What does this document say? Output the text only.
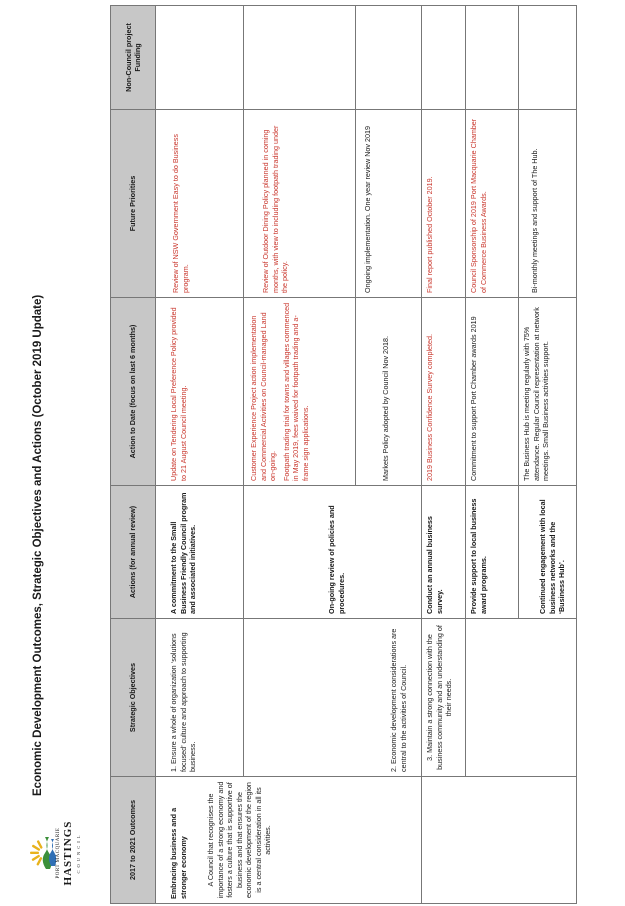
PORT MACQUARIE HASTINGS COUNCIL
Economic Development Outcomes, Strategic Objectives and Actions (October 2019 Update)
2017 to 2021 Outcomes	Strategic Objectives	Actions (for annual review)	Action to Date (focus on last 6 months)	Future Priorities	Non-Council project Funding

Embracing business and a stronger economy A Council that recognises the importance of a strong economy and fosters a culture that is supportive of business and that ensures the economic development of the region is a central consideration in all its activities.	1. Ensure a whole of organization ‘solutions focused’ culture and approach to supporting business.	A commitment to the Small Business Friendly Council program and associated initiatives.	Update on Tendering Local Preference Policy provided to 21 August Council meeting.	Review of NSW Government Easy to do Business program.	

	2. Economic development considerations are central to the activities of Council.	On-going review of policies and procedures.	Customer Experience Project action implementation and Commercial Activities on Council-managed Land on-going. Footpath trading trial for towns and villages commenced in May 2019, fees waived for footpath trading and a-frame sign applications.	Review of Outdoor Dining Policy planned in coming months, with view to including footpath trading under the policy.	

			Markets Policy adopted by Council Nov 2018.	Ongoing implementation. One year review Nov 2019	

	3. Maintain a strong connection with the business community and an understanding of their needs.	Conduct an annual business survey.	2019 Business Confidence Survey completed.	Final report published October 2019.	

		Provide support to local business award programs.	Commitment to support Port Chamber awards 2019	Council Sponsorship of 2019 Port Macquarie Chamber of Commerce Business Awards.	

		Continued engagement with local business networks and the ‘Business Hub’.	The Business Hub is meeting regularly with 75% attendance. Regular Council representation at network meetings. Small Business activities support.	Bi-monthly meetings and support of The Hub.	
